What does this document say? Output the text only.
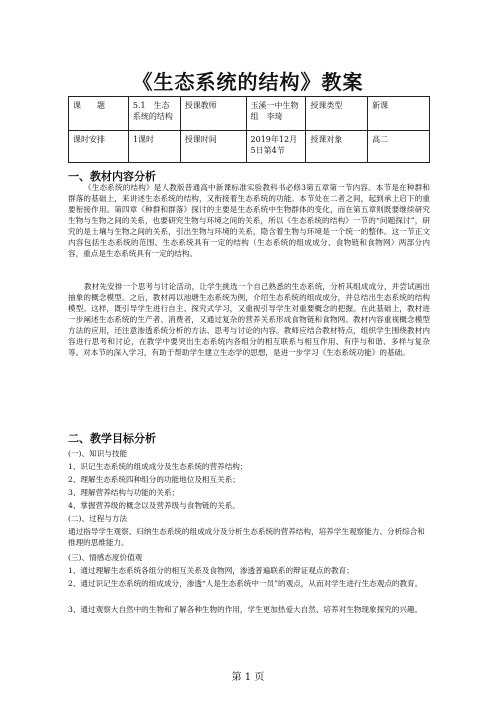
《生态系统的结构》教案
课　　题	5.1　生态系统的结构	授课教师	玉溪一中生物组　李琦	授课类型	新课
课时安排	1课时	授课时间	2019年12月5日第4节	授课对象	高二
一、教材内容分析

《生态系统的结构》是人教版普通高中新课标准实验教科书必修3第五章第一节内容。本节是在种群和群落的基础上，来讲述生态系统的结构，又衔接着生态系统的功能。本节处在二者之间，起到承上启下的重要衔接作用。第四章《种群和群落》探讨的主要是生态系统中生物群体的变化，而在第五章则既要继续研究生物与生物之间的关系，也要研究生物与环境之间的关系，所以《生态系统的结构》一节的“问题探讨”，研究的是土壤与生物之间的关系，引出生物与环境的关系，隐含着生物与环境是一个统一的整体。这一节正文内容包括生态系统的范围、生态系统具有一定的结构（生态系统的组成成分、食物链和食物网）两部分内容，重点是生态系统具有一定的结构。

教材先安排一个思考与讨论活动，让学生挑选一个自己熟悉的生态系统，分析其组成成分，并尝试画出抽象的概念模型。之后，教材再以池塘生态系统为例，介绍生态系统的组成成分，并总结出生态系统的结构模型。这样，既引导学生进行自主、探究式学习，又重视引导学生对重要概念的把握。在此基础上，教材进一步阐述生态系统的生产者、消费者，又通过复杂的营养关系形成食物链和食物网。教材内容重视概念模型方法的应用，还注意渗透系统分析的方法、思考与讨论的内容。教师应结合教材特点，组织学生围绕教材内容进行思考和讨论，在教学中要突出生态系统内各组分的相互联系与相互作用、有序与和谐、多样与复杂等。对本节的深入学习，有助于帮助学生建立生态学的思想，是进一步学习《生态系统功能》的基础。

二、教学目标分析

(一)、知识与技能

1、识记生态系统的组成成分及生态系统的营养结构；

2、理解生态系统四种组分的功能地位及相互关系；

3、理解营养结构与功能的关系；

4、掌握营养级的概念以及营养级与食物链的关系。

(二)、过程与方法

通过指导学生观察、归纳生态系统的组成成分及分析生态系统的营养结构，培养学生观察能力、分析综合和推理的思维能力。

(三)、情感态度价值观

1、通过理解生态系统各组分的相互关系及食物网，渗透普遍联系的辩证观点的教育；

2、通过识记生态系统的组成成分，渗透“人是生态系统中一员”的观点，从而对学生进行生态观点的教育。

3、通过观察大自然中的生物和了解各种生物的作用，学生更加热爱大自然、培养对生物现象探究的兴趣。

第 1 页
